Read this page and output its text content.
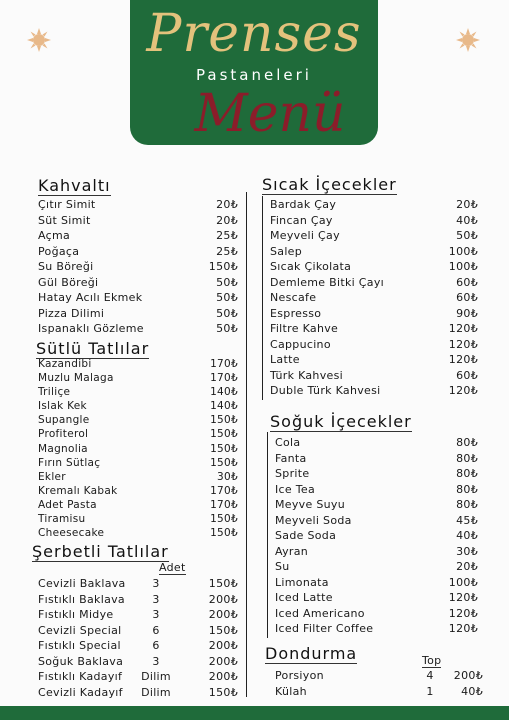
Prenses
Pastaneleri
Menü
Kahvaltı
Çıtır Simit	20₺
Süt Simit	20₺
Açma	25₺
Poğaça	25₺
Su Böreği	150₺
Gül Böreği	50₺
Hatay Acılı Ekmek	50₺
Pizza Dilimi	50₺
Ispanaklı Gözleme	50₺
Sütlü Tatlılar
Kazandibi	170₺
Muzlu Malaga	170₺
Triliçe	140₺
Islak Kek	140₺
Supangle	150₺
Profiterol	150₺
Magnolia	150₺
Fırın Sütlaç	150₺
Ekler	30₺
Kremalı Kabak	170₺
Adet Pasta	170₺
Tiramisu	150₺
Cheesecake	150₺
Şerbetli Tatlılar
Adet
Cevizli Baklava	3	150₺
Fıstıklı Baklava	3	200₺
Fıstıklı Midye	3	200₺
Cevizli Special	6	150₺
Fıstıklı Special	6	200₺
Soğuk Baklava	3	200₺
Fıstıklı Kadayıf	Dilim	200₺
Cevizli Kadayıf	Dilim	150₺
Sıcak İçecekler
Bardak Çay	20₺
Fincan Çay	40₺
Meyveli Çay	50₺
Salep	100₺
Sıcak Çikolata	100₺
Demleme Bitki Çayı	60₺
Nescafe	60₺
Espresso	90₺
Filtre Kahve	120₺
Cappucino	120₺
Latte	120₺
Türk Kahvesi	60₺
Duble Türk Kahvesi	120₺
Soğuk İçecekler
Cola	80₺
Fanta	80₺
Sprite	80₺
Ice Tea	80₺
Meyve Suyu	80₺
Meyveli Soda	45₺
Sade Soda	40₺
Ayran	30₺
Su	20₺
Limonata	100₺
Iced Latte	120₺
Iced Americano	120₺
Iced Filter Coffee	120₺
Dondurma	Top
Porsiyon	4	200₺
Külah	1	40₺
